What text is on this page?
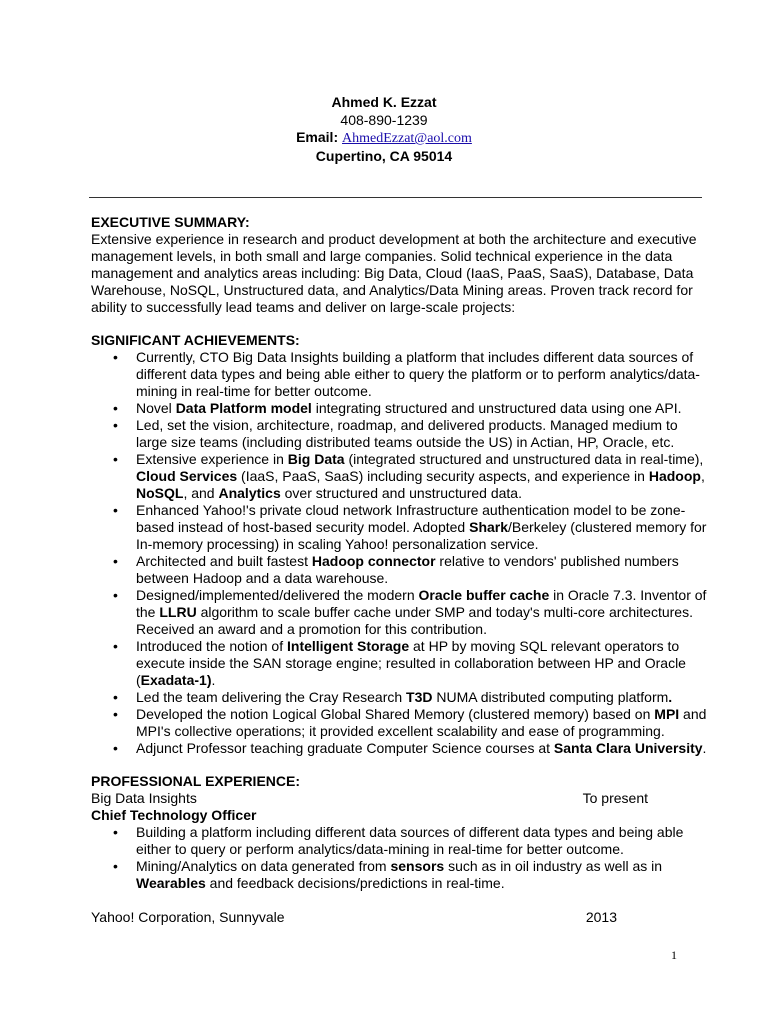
Ahmed K. Ezzat
408-890-1239
Email: AhmedEzzat@aol.com
Cupertino, CA 95014

EXECUTIVE SUMMARY:

Extensive experience in research and product development at both the architecture and executive management levels, in both small and large companies. Solid technical experience in the data management and analytics areas including: Big Data, Cloud (IaaS, PaaS, SaaS), Database, Data Warehouse, NoSQL, Unstructured data, and Analytics/Data Mining areas. Proven track record for ability to successfully lead teams and deliver on large-scale projects:

SIGNIFICANT ACHIEVEMENTS:

• Currently, CTO Big Data Insights building a platform that includes different data sources of different data types and being able either to query the platform or to perform analytics/data-mining in real-time for better outcome.
• Novel Data Platform model integrating structured and unstructured data using one API.
• Led, set the vision, architecture, roadmap, and delivered products. Managed medium to large size teams (including distributed teams outside the US) in Actian, HP, Oracle, etc.
• Extensive experience in Big Data (integrated structured and unstructured data in real-time), Cloud Services (IaaS, PaaS, SaaS) including security aspects, and experience in Hadoop, NoSQL, and Analytics over structured and unstructured data.
• Enhanced Yahoo!'s private cloud network Infrastructure authentication model to be zone-based instead of host-based security model. Adopted Shark/Berkeley (clustered memory for In-memory processing) in scaling Yahoo! personalization service.
• Architected and built fastest Hadoop connector relative to vendors' published numbers between Hadoop and a data warehouse.
• Designed/implemented/delivered the modern Oracle buffer cache in Oracle 7.3. Inventor of the LLRU algorithm to scale buffer cache under SMP and today's multi-core architectures. Received an award and a promotion for this contribution.
• Introduced the notion of Intelligent Storage at HP by moving SQL relevant operators to execute inside the SAN storage engine; resulted in collaboration between HP and Oracle (Exadata-1).
• Led the team delivering the Cray Research T3D NUMA distributed computing platform.
• Developed the notion Logical Global Shared Memory (clustered memory) based on MPI and MPI's collective operations; it provided excellent scalability and ease of programming.
• Adjunct Professor teaching graduate Computer Science courses at Santa Clara University.

PROFESSIONAL EXPERIENCE:

Big Data Insights	To present

Chief Technology Officer

• Building a platform including different data sources of different data types and being able either to query or perform analytics/data-mining in real-time for better outcome.
• Mining/Analytics on data generated from sensors such as in oil industry as well as in Wearables and feedback decisions/predictions in real-time.
Yahoo! Corporation, Sunnyvale	2013
1
